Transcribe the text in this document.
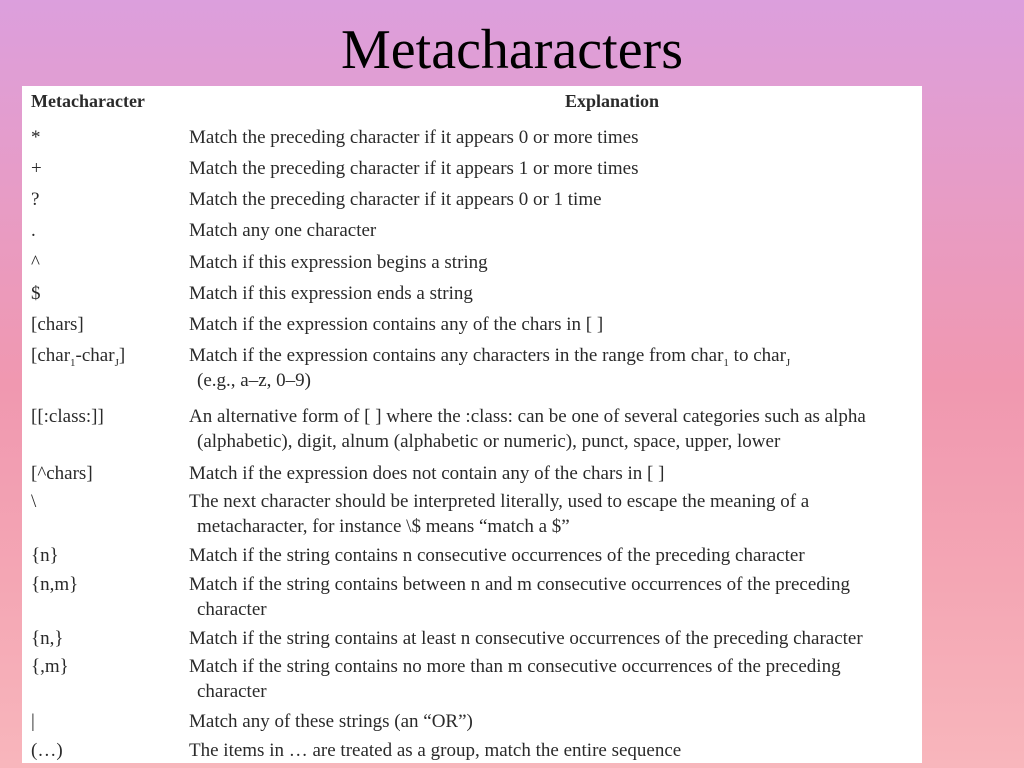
Metacharacters
Metacharacter	Explanation
*	Match the preceding character if it appears 0 or more times
+	Match the preceding character if it appears 1 or more times
?	Match the preceding character if it appears 0 or 1 time
.	Match any one character
^	Match if this expression begins a string
$	Match if this expression ends a string
[chars]	Match if the expression contains any of the chars in [ ]
[char$_1$-char$_J$]	Match if the expression contains any characters in the range from char$_1$ to char$_J$
(e.g., a–z, 0–9)
[[:class:]]	An alternative form of [ ] where the :class: can be one of several categories such as alpha
(alphabetic), digit, alnum (alphabetic or numeric), punct, space, upper, lower
[^chars]	Match if the expression does not contain any of the chars in [ ]
\	The next character should be interpreted literally, used to escape the meaning of a
metacharacter, for instance \$ means “match a $”
{n}	Match if the string contains n consecutive occurrences of the preceding character
{n,m}	Match if the string contains between n and m consecutive occurrences of the preceding
character
{n,}	Match if the string contains at least n consecutive occurrences of the preceding character
{,m}	Match if the string contains no more than m consecutive occurrences of the preceding
character
|	Match any of these strings (an “OR”)
(…)	The items in … are treated as a group, match the entire sequence
